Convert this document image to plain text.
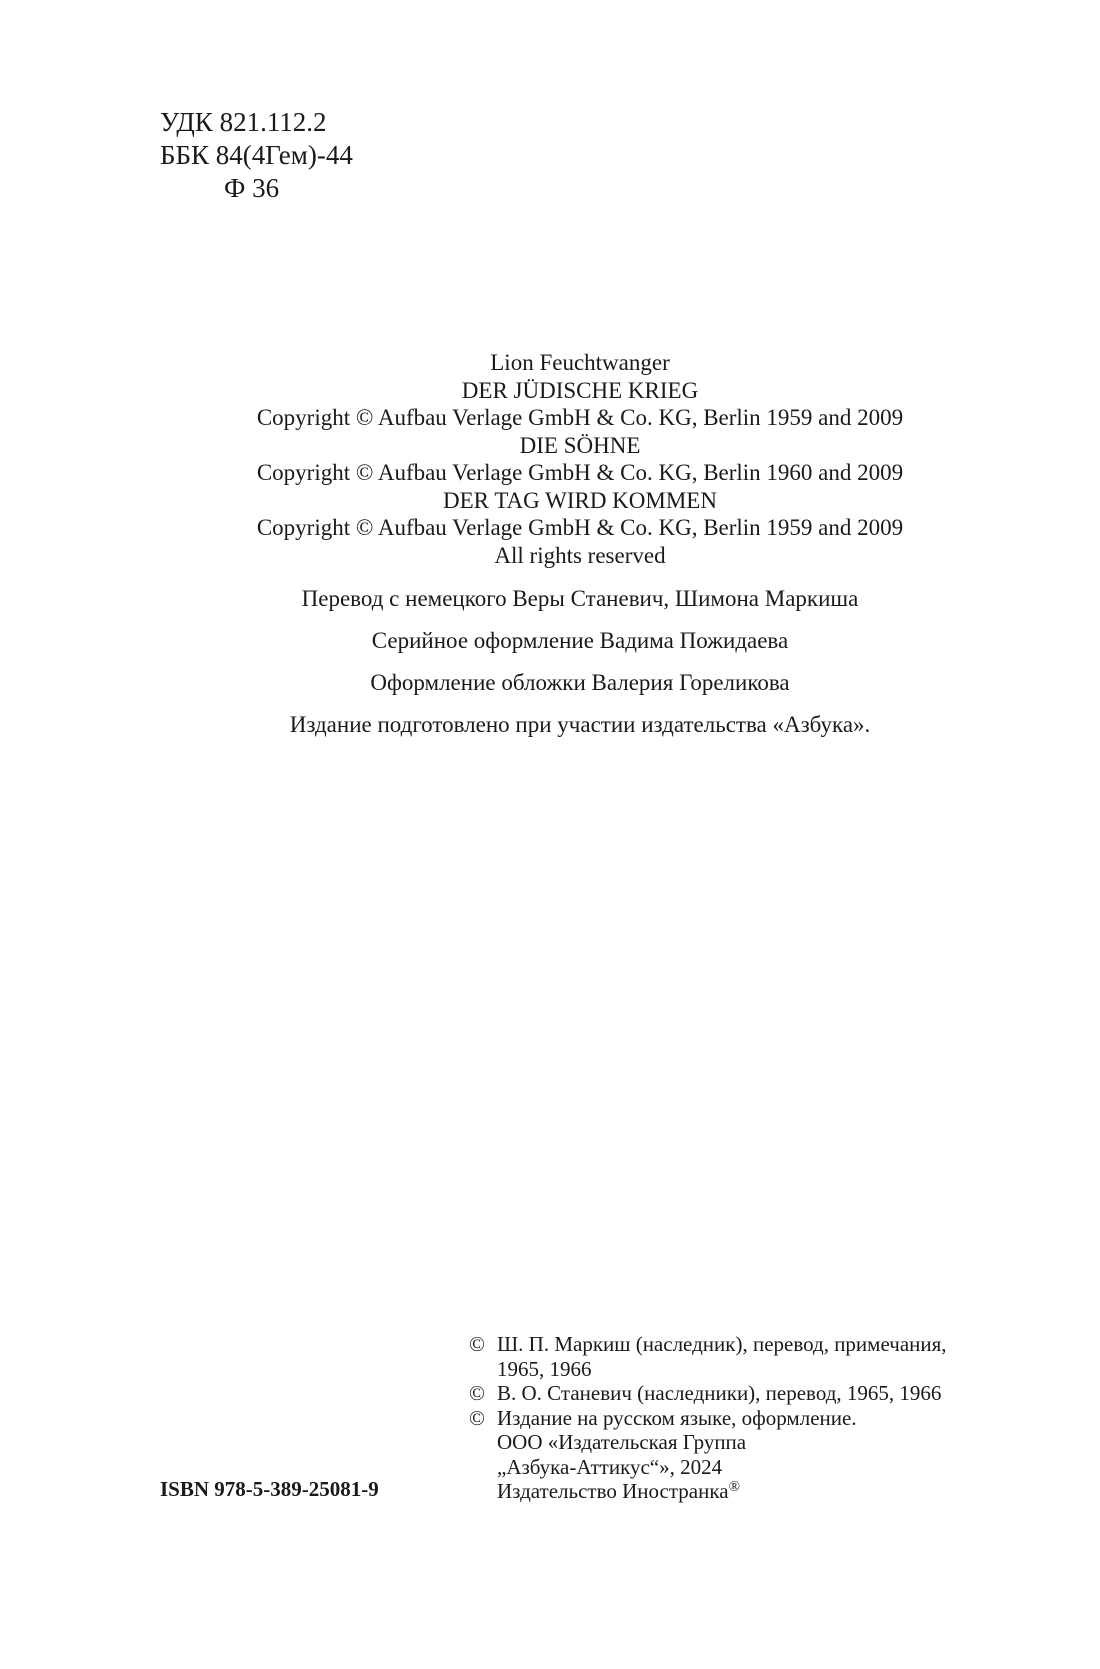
УДК 821.112.2
ББК 84(4Гем)-44
Ф 36
Lion Feuchtwanger
DER JÜDISCHE KRIEG
Copyright © Aufbau Verlage GmbH & Co. KG, Berlin 1959 and 2009
DIE SÖHNE
Copyright © Aufbau Verlage GmbH & Co. KG, Berlin 1960 and 2009
DER TAG WIRD KOMMEN
Copyright © Aufbau Verlage GmbH & Co. KG, Berlin 1959 and 2009
All rights reserved
Перевод с немецкого Веры Станевич, Шимона Маркиша
Серийное оформление Вадима Пожидаева
Оформление обложки Валерия Гореликова
Издание подготовлено при участии издательства «Азбука».
© Ш. П. Маркиш (наследник), перевод, примечания,
1965, 1966
© В. О. Станевич (наследники), перевод, 1965, 1966
© Издание на русском языке, оформление.
ООО «Издательская Группа
„Азбука-Аттикус“», 2024
Издательство Иностранка®
ISBN 978-5-389-25081-9
